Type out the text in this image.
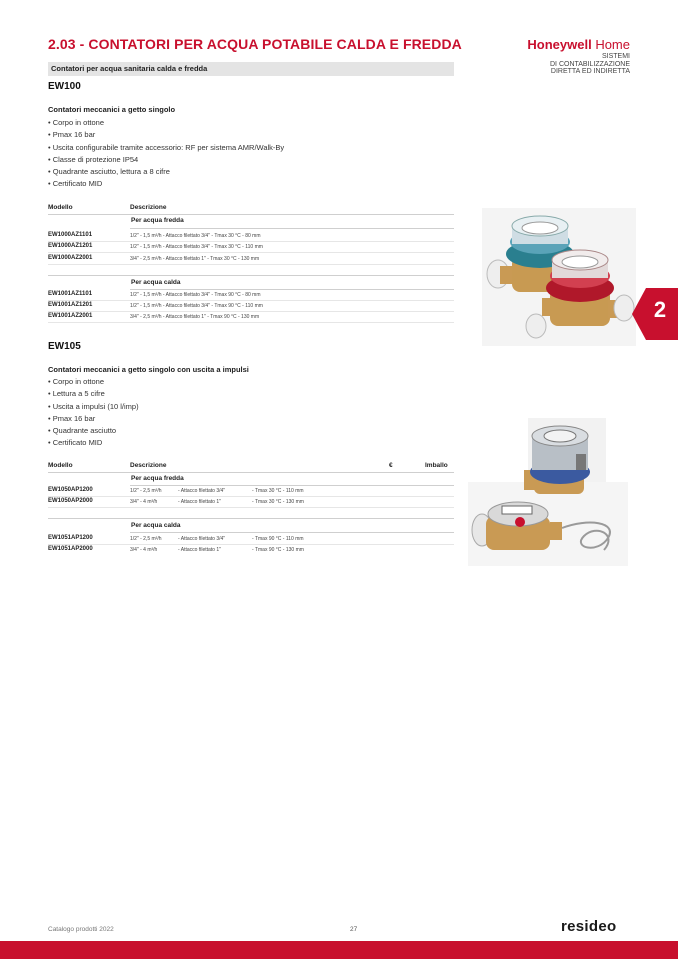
2.03 - CONTATORI PER ACQUA POTABILE CALDA E FREDDA	Honeywell Home
SISTEMI
DI CONTABILIZZAZIONE
DIRETTA ED INDIRETTA
Contatori per acqua sanitaria calda e fredda
EW100
Contatori meccanici a getto singolo
• Corpo in ottone
• Pmax 16 bar
• Uscita configurabile tramite accessorio: RF per sistema AMR/Walk-By
• Classe di protezione IP54
• Quadrante asciutto, lettura a 8 cifre
• Certificato MID
Modello	Descrizione
Per acqua fredda
EW1000AZ1101	1/2" - 1,5 m³/h - Attacco filettato 3/4" - Tmax 30 °C - 80 mm
EW1000AZ1201	1/2" - 1,5 m³/h - Attacco filettato 3/4" - Tmax 30 °C - 110 mm
EW1000AZ2001	3/4" - 2,5 m³/h - Attacco filettato 1" - Tmax 30 °C - 130 mm
Per acqua calda
EW1001AZ1101	1/2" - 1,5 m³/h - Attacco filettato 3/4" - Tmax 90 °C - 80 mm
EW1001AZ1201	1/2" - 1,5 m³/h - Attacco filettato 3/4" - Tmax 90 °C - 110 mm
EW1001AZ2001	3/4" - 2,5 m³/h - Attacco filettato 1" - Tmax 90 °C - 130 mm	2
EW105
Contatori meccanici a getto singolo con uscita a impulsi
• Corpo in ottone
• Lettura a 5 cifre
• Uscita a impulsi (10 l/imp)
• Pmax 16 bar
• Quadrante asciutto
• Certificato MID
Modello	Descrizione	€	Imballo
Per acqua fredda
EW1050AP1200	1/2" - 2,5 m³/h	- Attacco filettato 3/4"	- Tmax 30 °C - 110 mm
EW1050AP2000	3/4" - 4 m³/h	- Attacco filettato 1"	- Tmax 30 °C - 130 mm
Per acqua calda
EW1051AP1200	1/2" - 2,5 m³/h	- Attacco filettato 3/4"	- Tmax 90 °C - 110 mm
EW1051AP2000	3/4" - 4 m³/h	- Attacco filettato 1"	- Tmax 90 °C - 130 mm
Catalogo prodotti 2022	27	resideo
